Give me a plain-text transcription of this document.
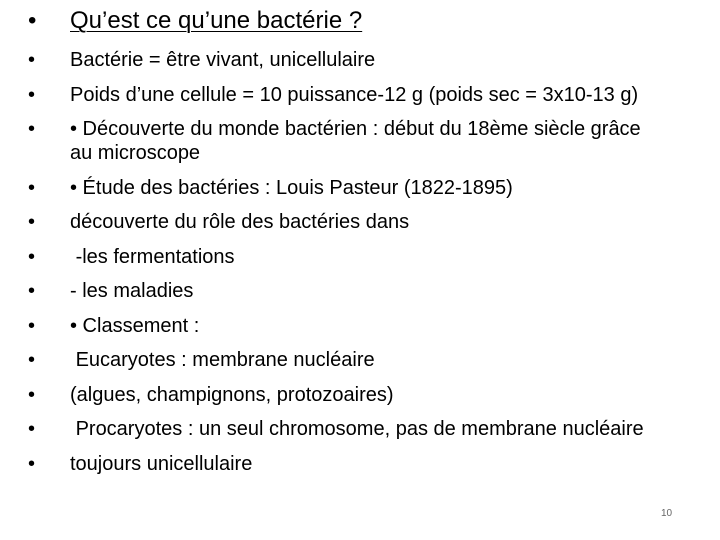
•	Qu’est ce qu’une bactérie ?
•	Bactérie = être vivant, unicellulaire
•	Poids d’une cellule = 10 puissance-12 g (poids sec = 3x10-13 g)
•	• Découverte du monde bactérien : début du 18ème siècle grâce au microscope
•	• Étude des bactéries : Louis Pasteur (1822-1895)
•	découverte du rôle des bactéries dans
•	-les fermentations
•	- les maladies
•	• Classement :
•	Eucaryotes : membrane nucléaire
•	(algues, champignons, protozoaires)
•	Procaryotes : un seul chromosome, pas de membrane nucléaire
•	toujours unicellulaire
10
